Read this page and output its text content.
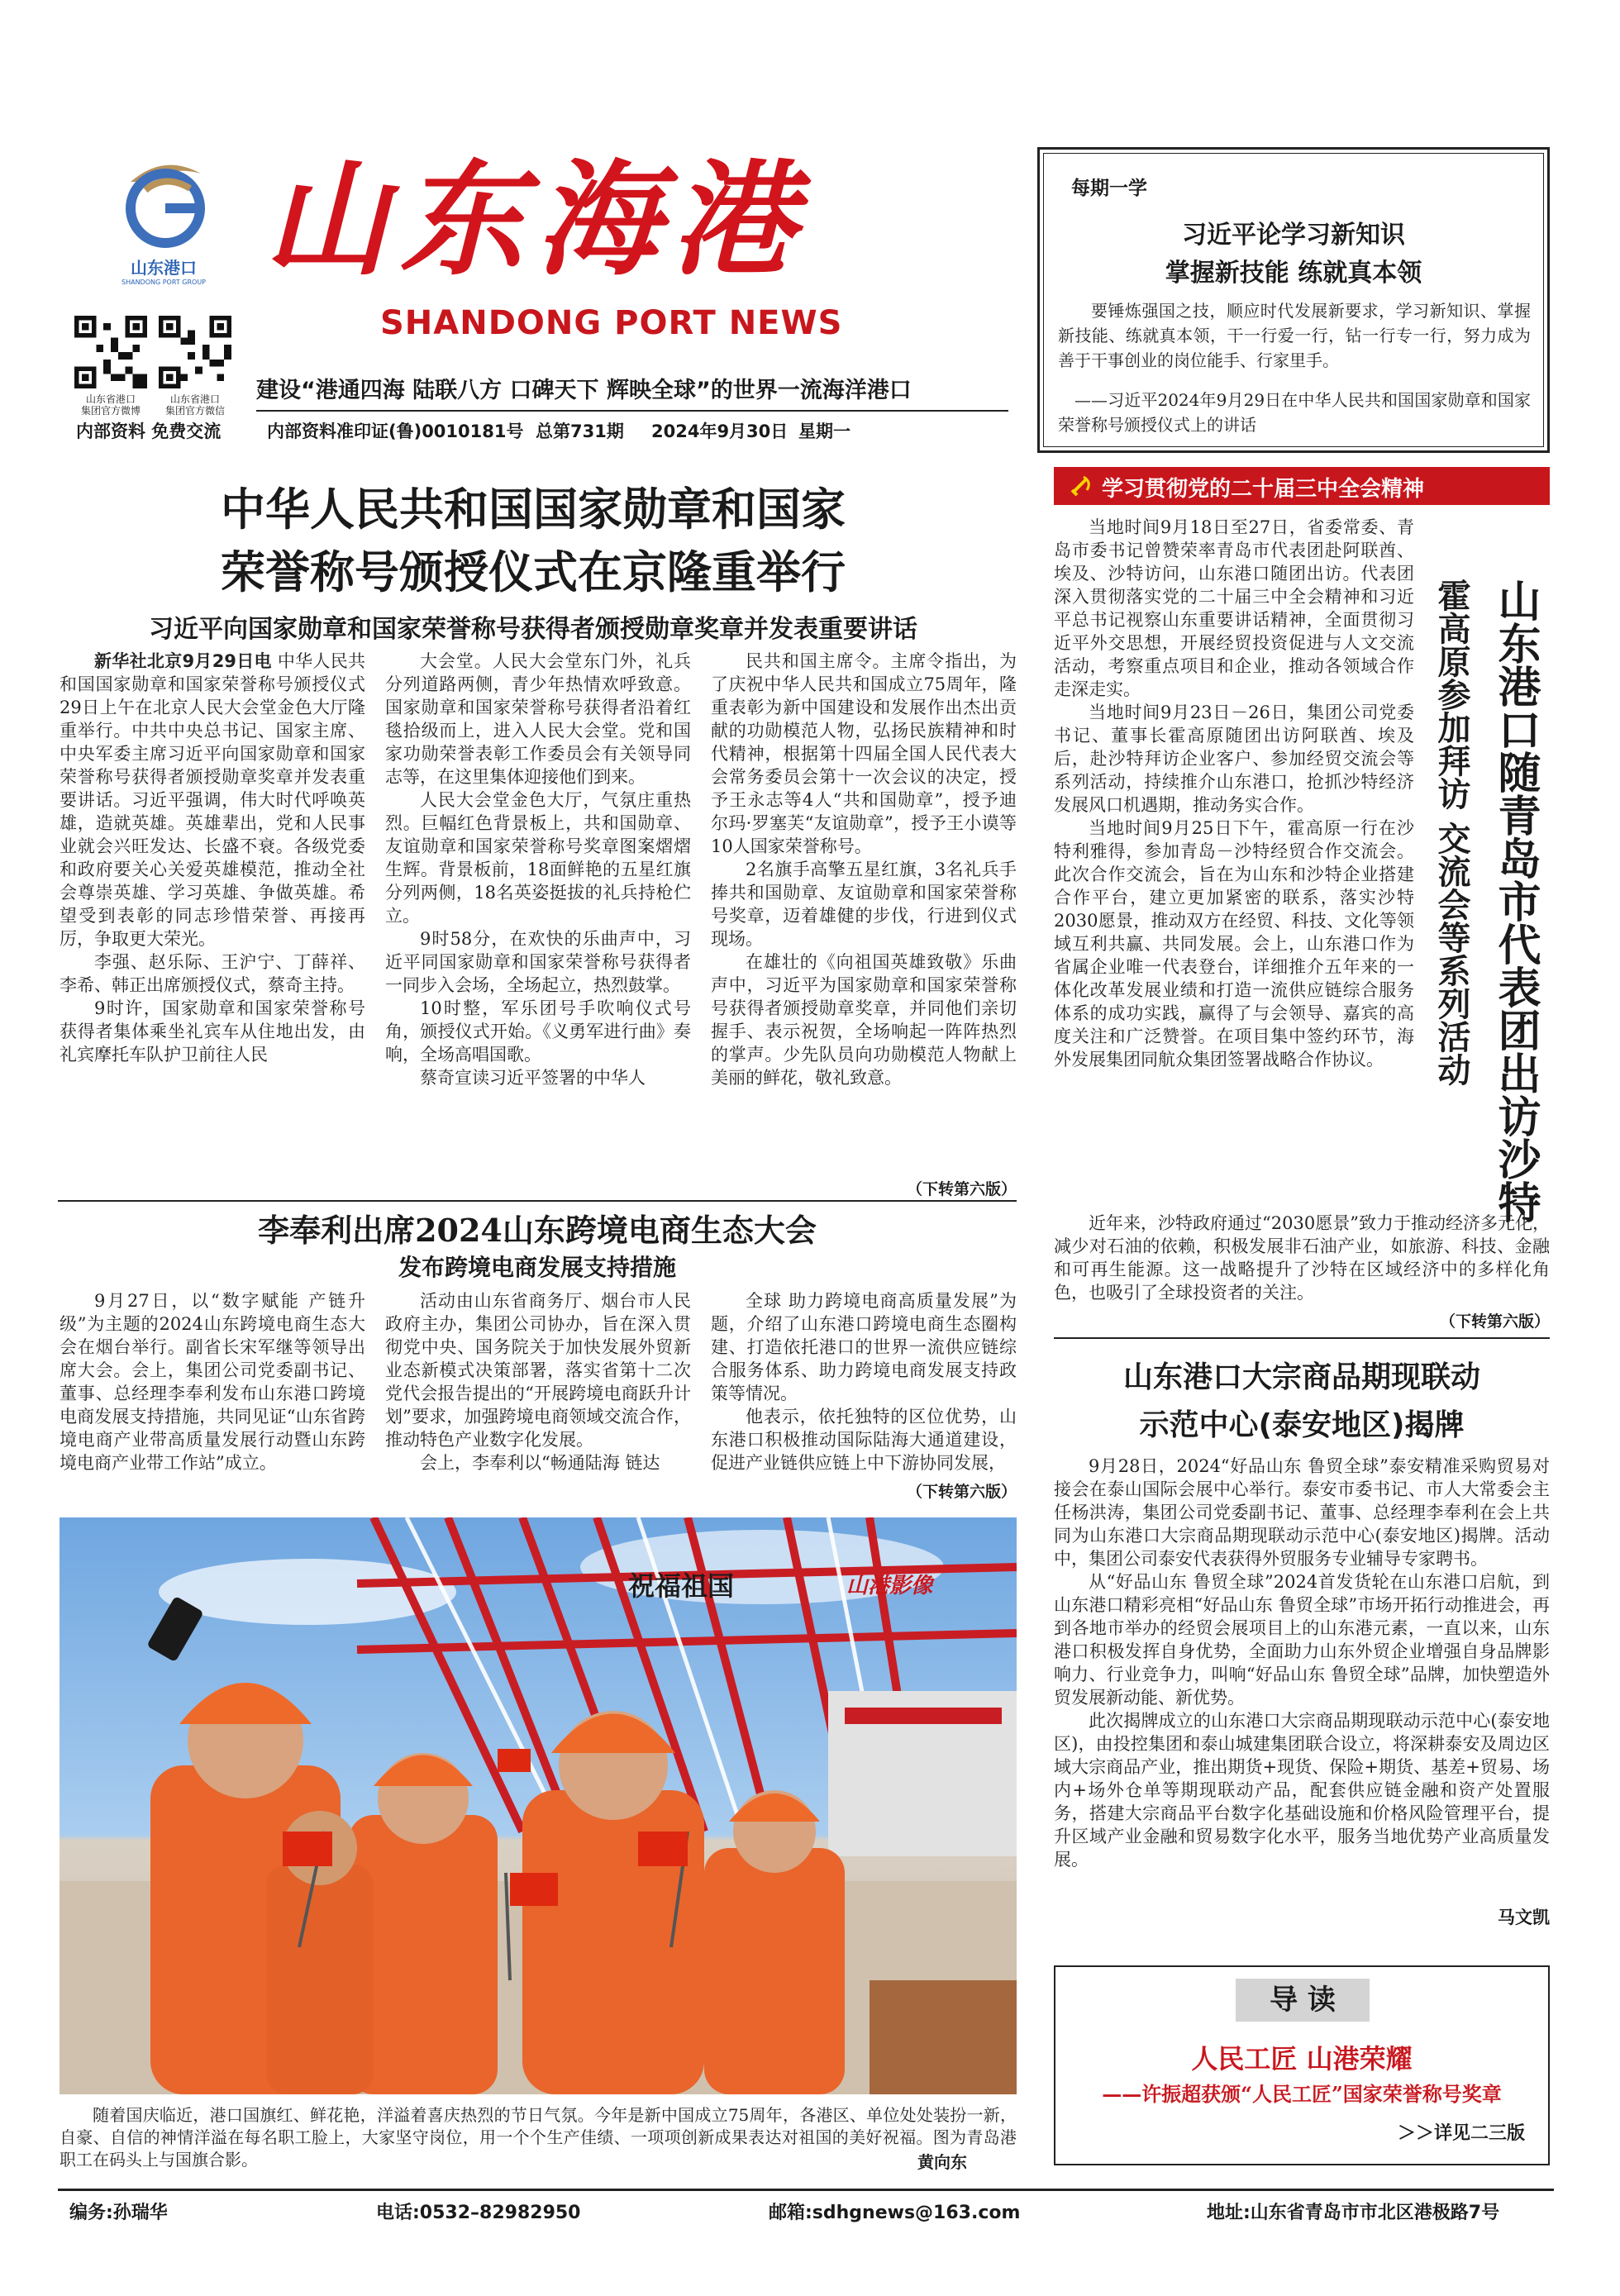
山东港口
SHANDONG PORT GROUP 山东海港
SHANDONG PORT NEWS
山东省港口
集团官方微博
山东省港口
集团官方微信
建设“港通四海 陆联八方 口碑天下 辉映全球”的世界一流海洋港口
内部资料 免费交流	内部资料准印证(鲁)0010181号 总第731期 2024年9月30日 星期一
每期一学
习近平论学习新知识
掌握新技能 练就真本领

要锤炼强国之技，顺应时代发展新要求，学习新知识、掌握新技能、练就真本领，干一行爱一行，钻一行专一行，努力成为善于干事创业的岗位能手、行家里手。

——习近平2024年9月29日在中华人民共和国国家勋章和国家荣誉称号颁授仪式上的讲话
中华人民共和国国家勋章和国家
荣誉称号颁授仪式在京隆重举行
习近平向国家勋章和国家荣誉称号获得者颁授勋章奖章并发表重要讲话

新华社北京9月29日电 中华人民共和国国家勋章和国家荣誉称号颁授仪式29日上午在北京人民大会堂金色大厅隆重举行。中共中央总书记、国家主席、中央军委主席习近平向国家勋章和国家荣誉称号获得者颁授勋章奖章并发表重要讲话。习近平强调，伟大时代呼唤英雄，造就英雄。英雄辈出，党和人民事业就会兴旺发达、长盛不衰。各级党委和政府要关心关爱英雄模范，推动全社会尊崇英雄、学习英雄、争做英雄。希望受到表彰的同志珍惜荣誉、再接再厉，争取更大荣光。

李强、赵乐际、王沪宁、丁薛祥、李希、韩正出席颁授仪式，蔡奇主持。

9时许，国家勋章和国家荣誉称号获得者集体乘坐礼宾车从住地出发，由礼宾摩托车队护卫前往人民

大会堂。人民大会堂东门外，礼兵分列道路两侧，青少年热情欢呼致意。国家勋章和国家荣誉称号获得者沿着红毯拾级而上，进入人民大会堂。党和国家功勋荣誉表彰工作委员会有关领导同志等，在这里集体迎接他们到来。

人民大会堂金色大厅，气氛庄重热烈。巨幅红色背景板上，共和国勋章、友谊勋章和国家荣誉称号奖章图案熠熠生辉。背景板前，18面鲜艳的五星红旗分列两侧，18名英姿挺拔的礼兵持枪伫立。

9时58分，在欢快的乐曲声中，习近平同国家勋章和国家荣誉称号获得者一同步入会场，全场起立，热烈鼓掌。

10时整，军乐团号手吹响仪式号角，颁授仪式开始。《义勇军进行曲》奏响，全场高唱国歌。

蔡奇宣读习近平签署的中华人

民共和国主席令。主席令指出，为了庆祝中华人民共和国成立75周年，隆重表彰为新中国建设和发展作出杰出贡献的功勋模范人物，弘扬民族精神和时代精神，根据第十四届全国人民代表大会常务委员会第十一次会议的决定，授予王永志等4人“共和国勋章”，授予迪尔玛·罗塞芙“友谊勋章”，授予王小谟等10人国家荣誉称号。

2名旗手高擎五星红旗，3名礼兵手捧共和国勋章、友谊勋章和国家荣誉称号奖章，迈着雄健的步伐，行进到仪式现场。

在雄壮的《向祖国英雄致敬》乐曲声中，习近平为国家勋章和国家荣誉称号获得者颁授勋章奖章，并同他们亲切握手、表示祝贺，全场响起一阵阵热烈的掌声。少先队员向功勋模范人物献上美丽的鲜花，敬礼致意。

（下转第六版）
李奉利出席2024山东跨境电商生态大会
发布跨境电商发展支持措施

9月27日，以“数字赋能 产链升级”为主题的2024山东跨境电商生态大会在烟台举行。副省长宋军继等领导出席大会。会上，集团公司党委副书记、董事、总经理李奉利发布山东港口跨境电商发展支持措施，共同见证“山东省跨境电商产业带高质量发展行动暨山东跨境电商产业带工作站”成立。

活动由山东省商务厅、烟台市人民政府主办，集团公司协办，旨在深入贯彻党中央、国务院关于加快发展外贸新业态新模式决策部署，落实省第十二次党代会报告提出的“开展跨境电商跃升计划”要求，加强跨境电商领域交流合作，推动特色产业数字化发展。

会上，李奉利以“畅通陆海 链达

全球 助力跨境电商高质量发展”为题，介绍了山东港口跨境电商生态圈构建、打造依托港口的世界一流供应链综合服务体系、助力跨境电商发展支持政策等情况。

他表示，依托独特的区位优势，山东港口积极推动国际陆海大通道建设，促进产业链供应链上中下游协同发展，

（下转第六版）
祝福祖国	山港影像

随着国庆临近，港口国旗红、鲜花艳，洋溢着喜庆热烈的节日气氛。今年是新中国成立75周年，各港区、单位处处装扮一新，自豪、自信的神情洋溢在每名职工脸上，大家坚守岗位，用一个个生产佳绩、一项项创新成果表达对祖国的美好祝福。图为青岛港职工在码头上与国旗合影。	黄向东
学习贯彻党的二十届三中全会精神

当地时间9月18日至27日，省委常委、青岛市委书记曾赞荣率青岛市代表团赴阿联酋、埃及、沙特访问，山东港口随团出访。代表团深入贯彻落实党的二十届三中全会精神和习近平总书记视察山东重要讲话精神，全面贯彻习近平外交思想，开展经贸投资促进与人文交流活动，考察重点项目和企业，推动各领域合作走深走实。

当地时间9月23日－26日，集团公司党委书记、董事长霍高原随团出访阿联酋、埃及后，赴沙特拜访企业客户、参加经贸交流会等系列活动，持续推介山东港口，抢抓沙特经济发展风口机遇期，推动务实合作。

当地时间9月25日下午，霍高原一行在沙特利雅得，参加青岛－沙特经贸合作交流会。此次合作交流会，旨在为山东和沙特企业搭建合作平台，建立更加紧密的联系，落实沙特2030愿景，推动双方在经贸、科技、文化等领域互利共赢、共同发展。会上，山东港口作为省属企业唯一代表登台，详细推介五年来的一体化改革发展业绩和打造一流供应链综合服务体系的成功实践，赢得了与会领导、嘉宾的高度关注和广泛赞誉。在项目集中签约环节，海外发展集团同航众集团签署战略合作协议。

近年来，沙特政府通过“2030愿景”致力于推动经济多元化，减少对石油的依赖，积极发展非石油产业，如旅游、科技、金融和可再生能源。这一战略提升了沙特在区域经济中的多样化角色，也吸引了全球投资者的关注。

（下转第六版）
山东港口随青岛市代表团出访沙特
霍高原参加拜访 交流会等系列活动
山东港口大宗商品期现联动
示范中心(泰安地区)揭牌

9月28日，2024“好品山东 鲁贸全球”泰安精准采购贸易对接会在泰山国际会展中心举行。泰安市委书记、市人大常委会主任杨洪涛，集团公司党委副书记、董事、总经理李奉利在会上共同为山东港口大宗商品期现联动示范中心(泰安地区)揭牌。活动中，集团公司泰安代表获得外贸服务专业辅导专家聘书。

从“好品山东 鲁贸全球”2024首发货轮在山东港口启航，到山东港口精彩亮相“好品山东 鲁贸全球”市场开拓行动推进会，再到各地市举办的经贸会展项目上的山东港元素，一直以来，山东港口积极发挥自身优势，全面助力山东外贸企业增强自身品牌影响力、行业竞争力，叫响“好品山东 鲁贸全球”品牌，加快塑造外贸发展新动能、新优势。

此次揭牌成立的山东港口大宗商品期现联动示范中心(泰安地区)，由投控集团和泰山城建集团联合设立，将深耕泰安及周边区域大宗商品产业，推出期货+现货、保险+期货、基差+贸易、场内+场外仓单等期现联动产品，配套供应链金融和资产处置服务，搭建大宗商品平台数字化基础设施和价格风险管理平台，提升区域产业金融和贸易数字化水平，服务当地优势产业高质量发展。

马文凯
导 读
人民工匠 山港荣耀
——许振超获颁“人民工匠”国家荣誉称号奖章
＞＞详见二三版
编务:孙瑞华	电话:0532–82982950	邮箱:sdhgnews@163.com	地址:山东省青岛市市北区港极路7号
